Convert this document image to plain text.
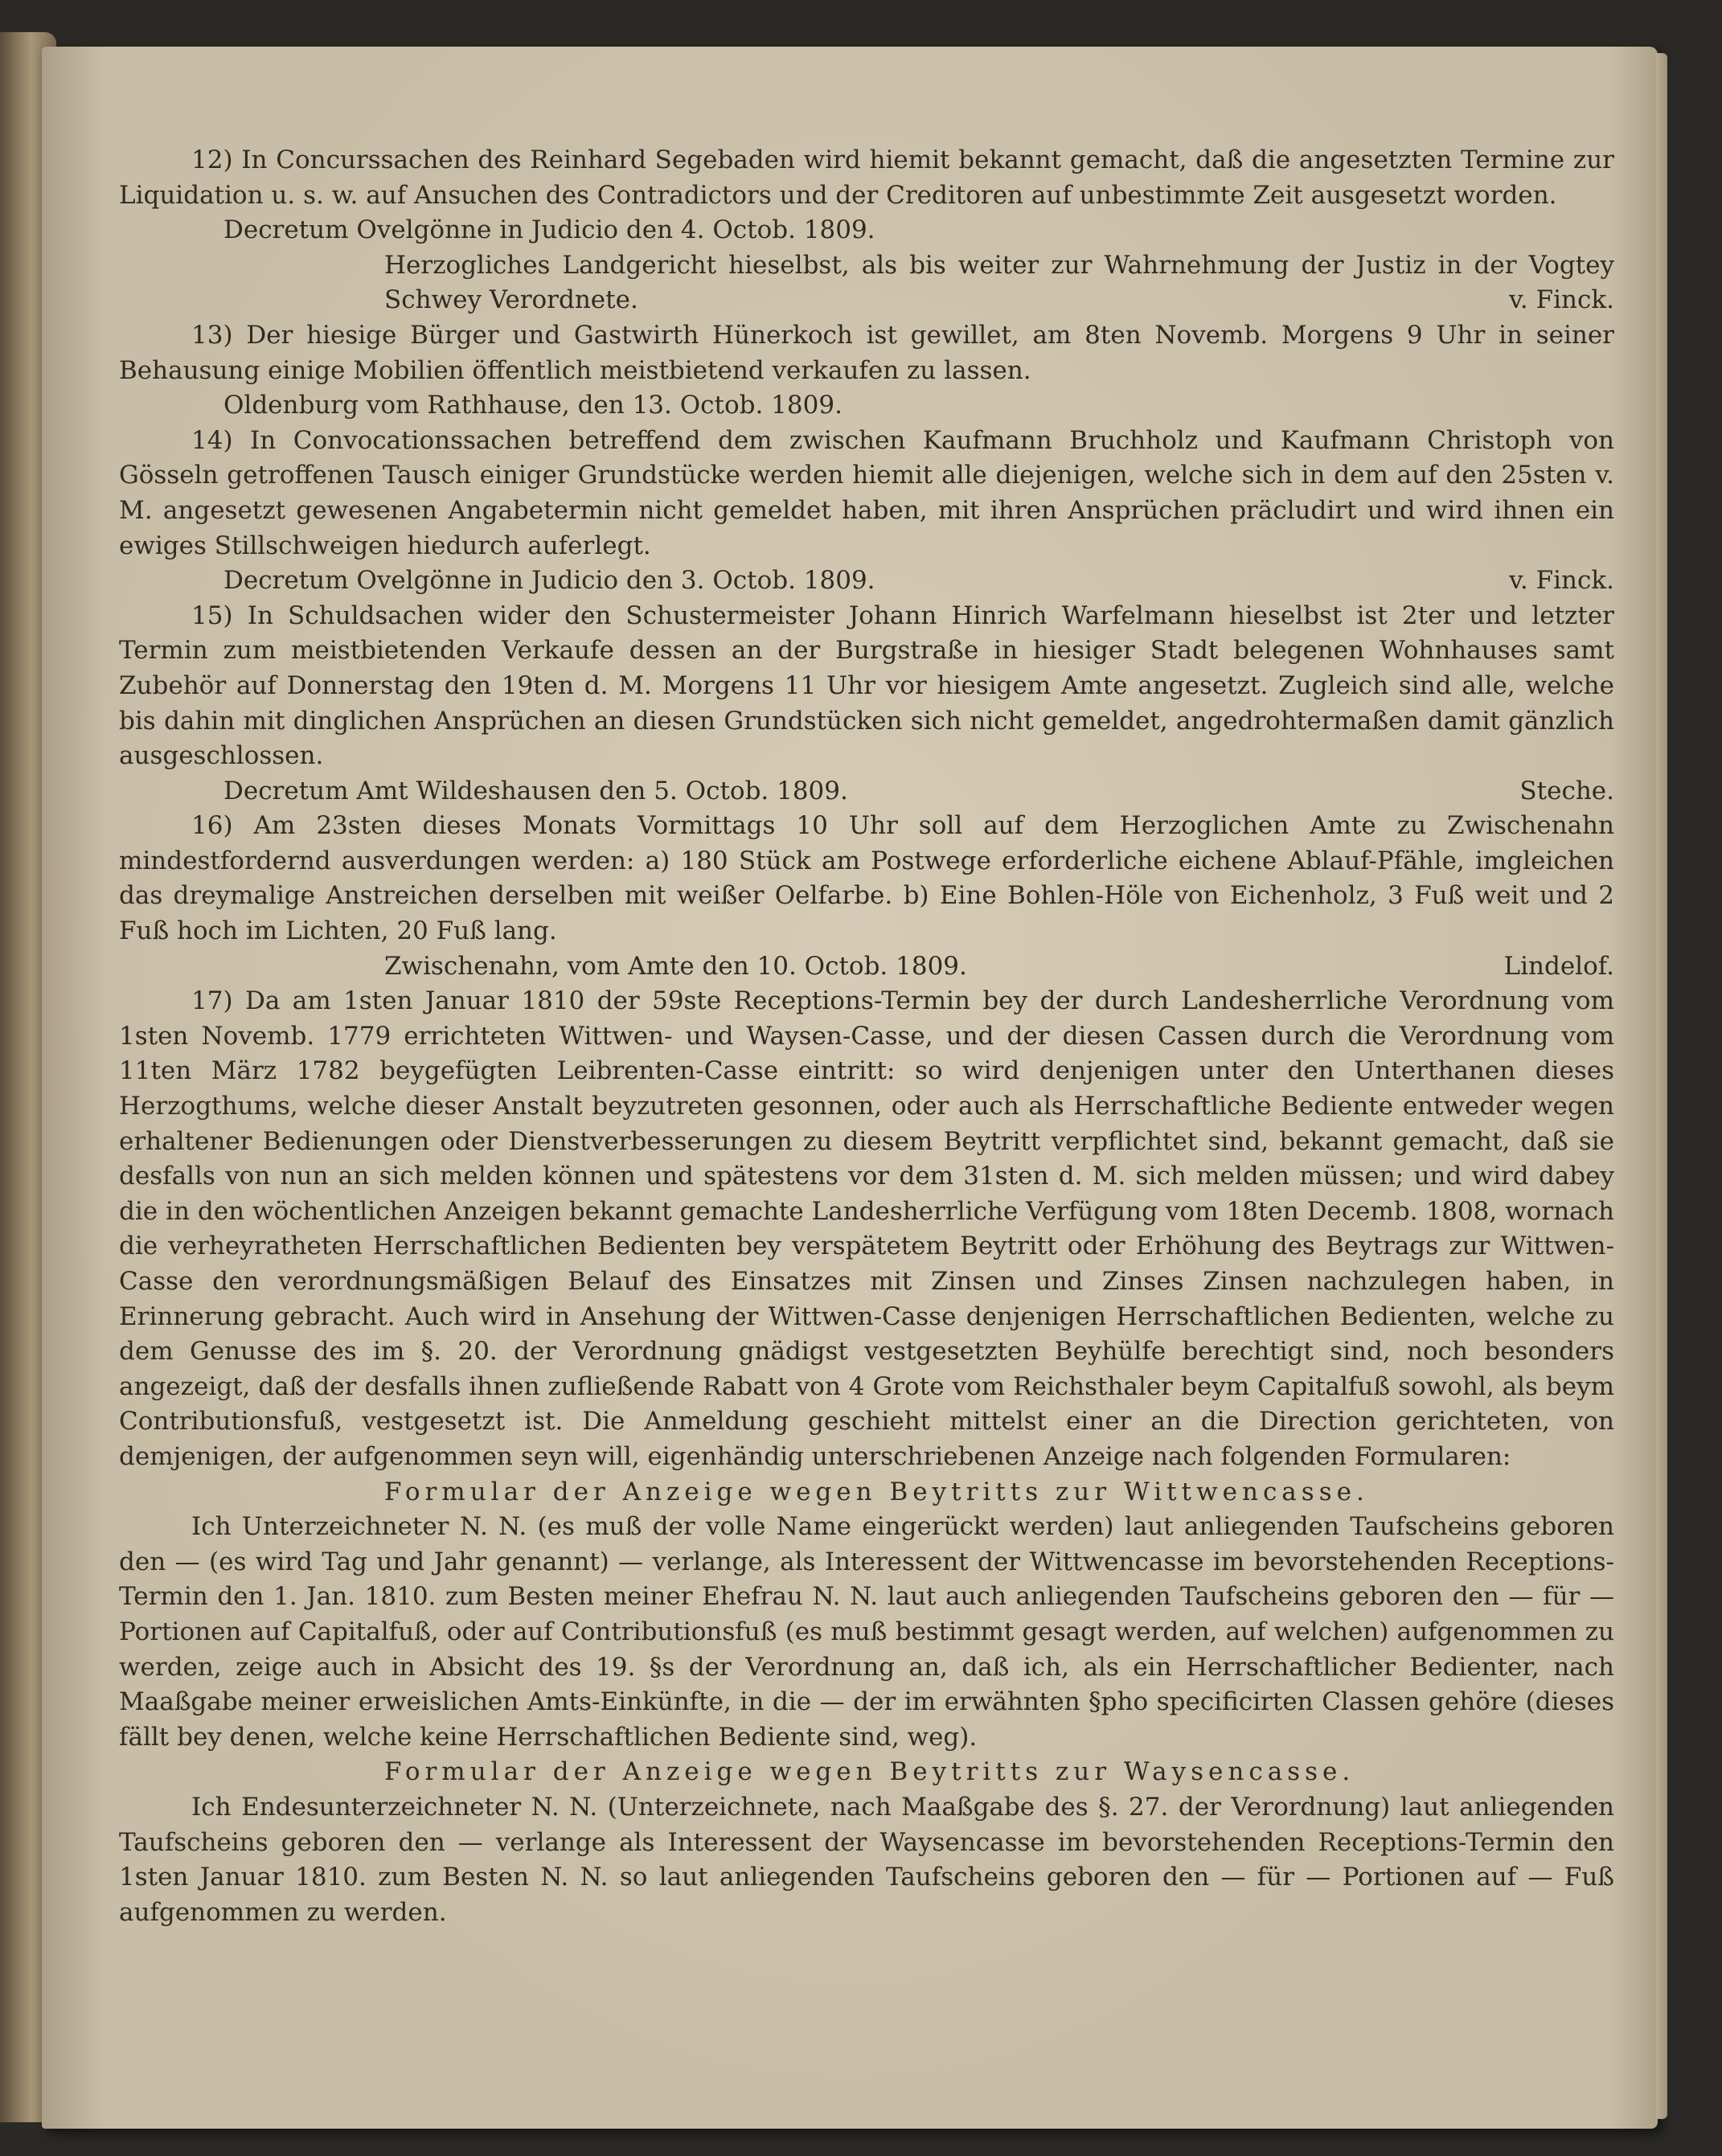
12) In Concurssachen des Reinhard Segebaden wird hiemit bekannt gemacht, daß die angesetzten Termine zur Liquidation u. s. w. auf Ansuchen des Contradictors und der Creditoren auf unbestimmte Zeit ausgesetzt worden.

Decretum Ovelgönne in Judicio den 4. Octob. 1809.

Herzogliches Landgericht hieselbst, als bis weiter zur Wahrnehmung der Justiz in der Vogtey Schwey Verordnete.	v. Finck.

13) Der hiesige Bürger und Gastwirth Hünerkoch ist gewillet, am 8ten Novemb. Morgens 9 Uhr in seiner Behausung einige Mobilien öffentlich meistbietend verkaufen zu lassen.

Oldenburg vom Rathhause, den 13. Octob. 1809.

14) In Convocationssachen betreffend dem zwischen Kaufmann Bruchholz und Kaufmann Christoph von Gösseln getroffenen Tausch einiger Grundstücke werden hiemit alle diejenigen, welche sich in dem auf den 25sten v. M. angesetzt gewesenen Angabetermin nicht gemeldet haben, mit ihren Ansprüchen präcludirt und wird ihnen ein ewiges Stillschweigen hiedurch auferlegt.

Decretum Ovelgönne in Judicio den 3. Octob. 1809.	v. Finck.

15) In Schuldsachen wider den Schustermeister Johann Hinrich Warfelmann hieselbst ist 2ter und letzter Termin zum meistbietenden Verkaufe dessen an der Burgstraße in hiesiger Stadt belegenen Wohnhauses samt Zubehör auf Donnerstag den 19ten d. M. Morgens 11 Uhr vor hiesigem Amte angesetzt. Zugleich sind alle, welche bis dahin mit dinglichen Ansprüchen an diesen Grundstücken sich nicht gemeldet, angedrohtermaßen damit gänzlich ausgeschlossen.

Decretum Amt Wildeshausen den 5. Octob. 1809.	Steche.

16) Am 23sten dieses Monats Vormittags 10 Uhr soll auf dem Herzoglichen Amte zu Zwischenahn mindestfordernd ausverdungen werden: a) 180 Stück am Postwege erforderliche eichene Ablauf-Pfähle, imgleichen das dreymalige Anstreichen derselben mit weißer Oelfarbe. b) Eine Bohlen-Höle von Eichenholz, 3 Fuß weit und 2 Fuß hoch im Lichten, 20 Fuß lang.

Zwischenahn, vom Amte den 10. Octob. 1809.	Lindelof.

17) Da am 1sten Januar 1810 der 59ste Receptions-Termin bey der durch Landesherrliche Verordnung vom 1sten Novemb. 1779 errichteten Wittwen- und Waysen-Casse, und der diesen Cassen durch die Verordnung vom 11ten März 1782 beygefügten Leibrenten-Casse eintritt: so wird denjenigen unter den Unterthanen dieses Herzogthums, welche dieser Anstalt beyzutreten gesonnen, oder auch als Herrschaftliche Bediente entweder wegen erhaltener Bedienungen oder Dienstverbesserungen zu diesem Beytritt verpflichtet sind, bekannt gemacht, daß sie desfalls von nun an sich melden können und spätestens vor dem 31sten d. M. sich melden müssen; und wird dabey die in den wöchentlichen Anzeigen bekannt gemachte Landesherrliche Verfügung vom 18ten Decemb. 1808, wornach die verheyratheten Herrschaftlichen Bedienten bey verspätetem Beytritt oder Erhöhung des Beytrags zur Wittwen-Casse den verordnungsmäßigen Belauf des Einsatzes mit Zinsen und Zinses Zinsen nachzulegen haben, in Erinnerung gebracht. Auch wird in Ansehung der Wittwen-Casse denjenigen Herrschaftlichen Bedienten, welche zu dem Genusse des im §. 20. der Verordnung gnädigst vestgesetzten Beyhülfe berechtigt sind, noch besonders angezeigt, daß der desfalls ihnen zufließende Rabatt von 4 Grote vom Reichsthaler beym Capitalfuß sowohl, als beym Contributionsfuß, vestgesetzt ist. Die Anmeldung geschieht mittelst einer an die Direction gerichteten, von demjenigen, der aufgenommen seyn will, eigenhändig unterschriebenen Anzeige nach folgenden Formularen:

Formular der Anzeige wegen Beytritts zur Wittwencasse.

Ich Unterzeichneter N. N. (es muß der volle Name eingerückt werden) laut anliegenden Taufscheins geboren den — (es wird Tag und Jahr genannt) — verlange, als Interessent der Wittwencasse im bevorstehenden Receptions-Termin den 1. Jan. 1810. zum Besten meiner Ehefrau N. N. laut auch anliegenden Taufscheins geboren den — für — Portionen auf Capitalfuß, oder auf Contributionsfuß (es muß bestimmt gesagt werden, auf welchen) aufgenommen zu werden, zeige auch in Absicht des 19. §s der Verordnung an, daß ich, als ein Herrschaftlicher Bedienter, nach Maaßgabe meiner erweislichen Amts-Einkünfte, in die — der im erwähnten §pho specificirten Classen gehöre (dieses fällt bey denen, welche keine Herrschaftlichen Bediente sind, weg).

Formular der Anzeige wegen Beytritts zur Waysencasse.

Ich Endesunterzeichneter N. N. (Unterzeichnete, nach Maaßgabe des §. 27. der Verordnung) laut anliegenden Taufscheins geboren den — verlange als Interessent der Waysencasse im bevorstehenden Receptions-Termin den 1sten Januar 1810. zum Besten N. N. so laut anliegenden Taufscheins geboren den — für — Portionen auf — Fuß aufgenommen zu werden.
